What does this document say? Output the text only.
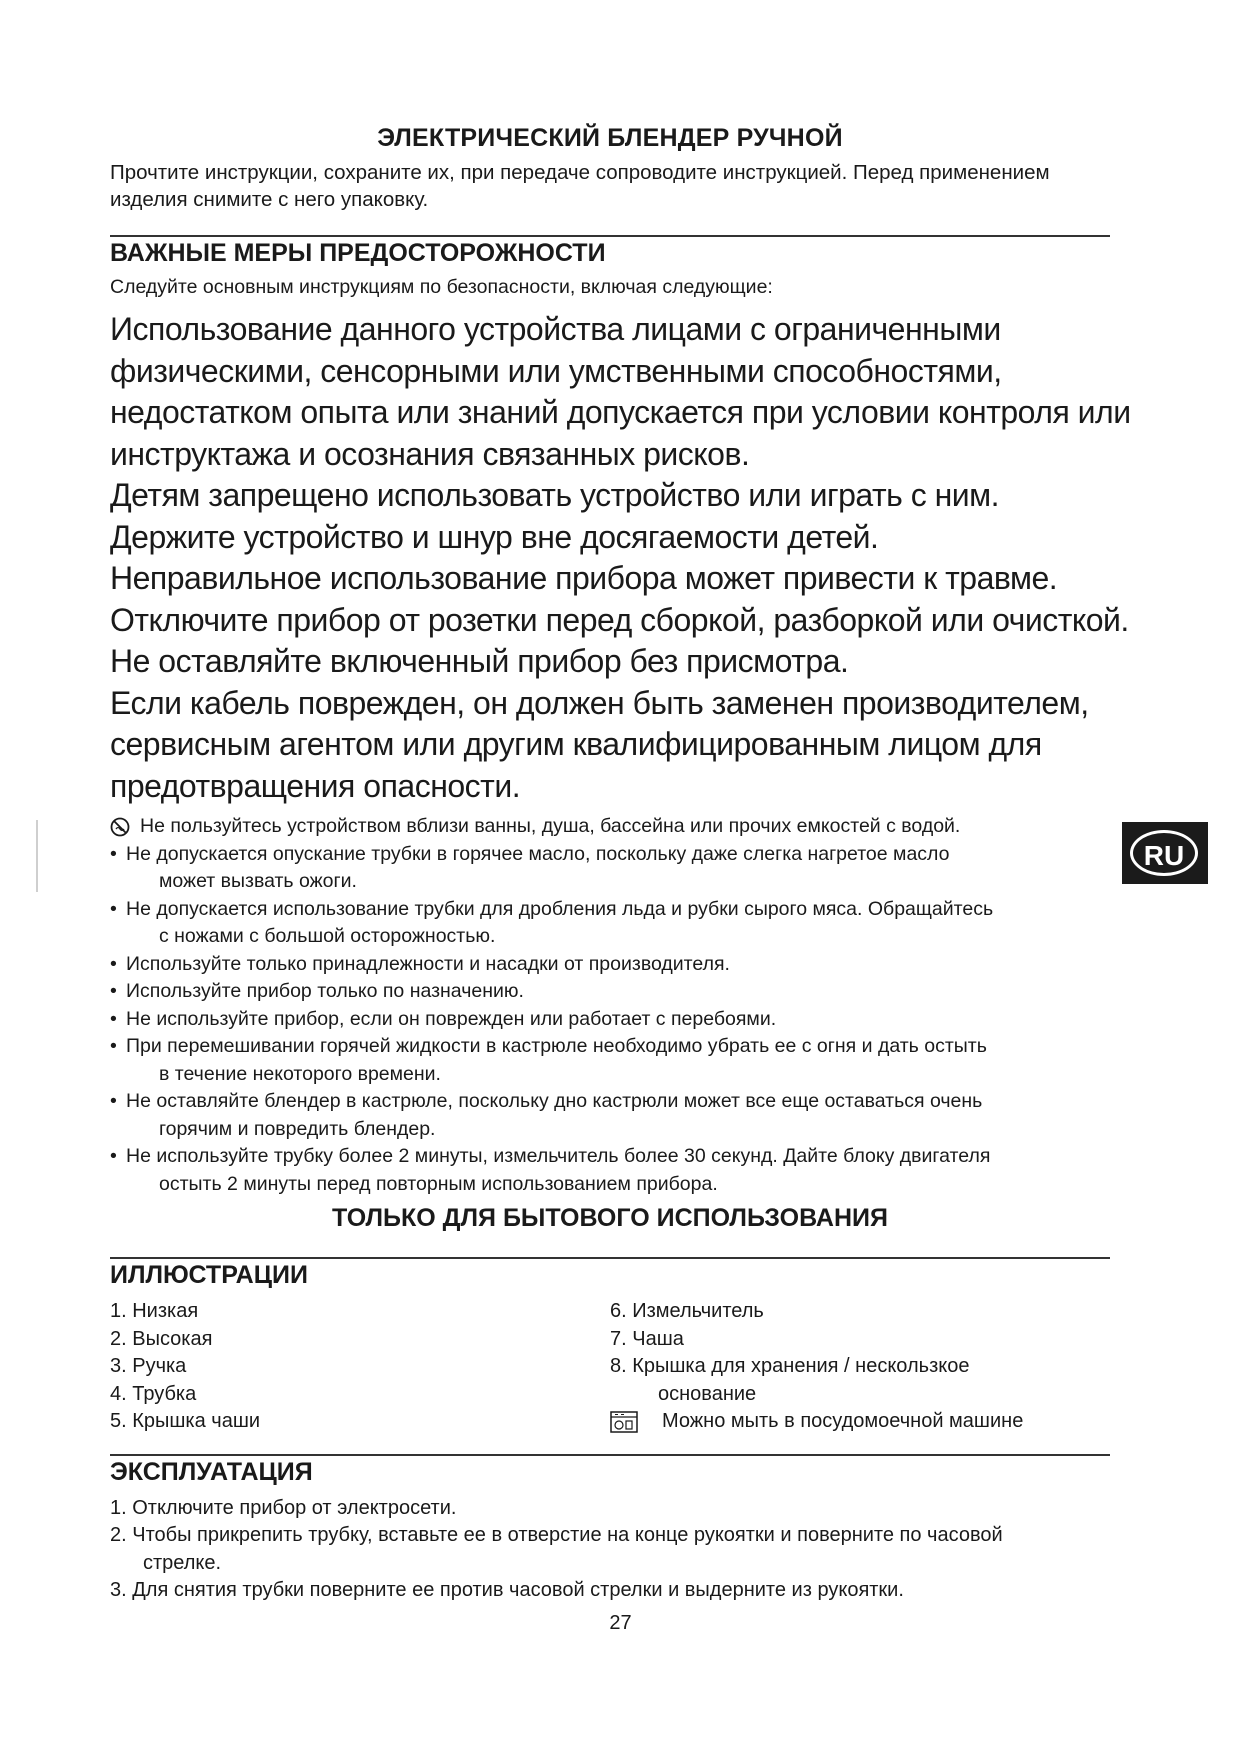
ЭЛЕКТРИЧЕСКИЙ БЛЕНДЕР РУЧНОЙ

Прочтите инструкции, сохраните их, при передаче сопроводите инструкцией. Перед применением
изделия снимите с него упаковку.

ВАЖНЫЕ МЕРЫ ПРЕДОСТОРОЖНОСТИ

Следуйте основным инструкциям по безопасности, включая следующие:

Использование данного устройства лицами с ограниченными

физическими, сенсорными или умственными способностями,

недостатком опыта или знаний допускается при условии контроля или

инструктажа и осознания связанных рисков.

Детям запрещено использовать устройство или играть с ним.

Держите устройство и шнур вне досягаемости детей.

Неправильное использование прибора может привести к травме.

Отключите прибор от розетки перед сборкой, разборкой или очисткой.

Не оставляйте включенный прибор без присмотра.

Если кабель поврежден, он должен быть заменен производителем,

сервисным агентом или другим квалифицированным лицом для

предотвращения опасности.

Не пользуйтесь устройством вблизи ванны, душа, бассейна или прочих емкостей с водой.
• Не допускается опускание трубки в горячее масло, поскольку даже слегка нагретое масло
может вызвать ожоги.
• Не допускается использование трубки для дробления льда и рубки сырого мяса. Обращайтесь
с ножами с большой осторожностью.
• Используйте только принадлежности и насадки от производителя.
• Используйте прибор только по назначению.
• Не используйте прибор, если он поврежден или работает с перебоями.
• При перемешивании горячей жидкости в кастрюле необходимо убрать ее с огня и дать остыть
в течение некоторого времени.
• Не оставляйте блендер в кастрюле, поскольку дно кастрюли может все еще оставаться очень
горячим и повредить блендер.
• Не используйте трубку более 2 минуты, измельчитель более 30 секунд. Дайте блоку двигателя
остыть 2 минуты перед повторным использованием прибора.
ТОЛЬКО ДЛЯ БЫТОВОГО ИСПОЛЬЗОВАНИЯ
ИЛЛЮСТРАЦИИ
1. Низкая
2. Высокая
3. Ручка
4. Трубка
5. Крышка чаши
6. Измельчитель
7. Чаша
8. Крышка для хранения / нескользкое
основание
Можно мыть в посудомоечной машине
ЭКСПЛУАТАЦИЯ
1. Отключите прибор от электросети.
2. Чтобы прикрепить трубку, вставьте ее в отверстие на конце рукоятки и поверните по часовой
стрелке.
3. Для снятия трубки поверните ее против часовой стрелки и выдерните из рукоятки.
27
RU
